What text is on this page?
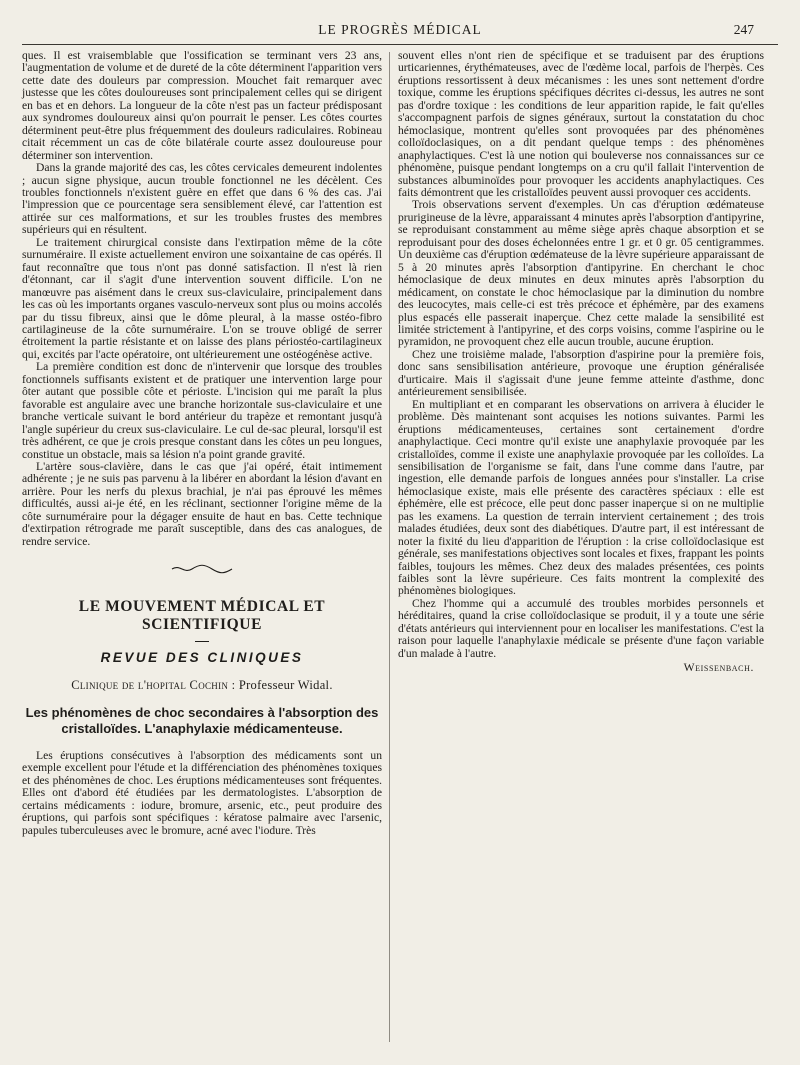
LE PROGRÈS MÉDICAL	247

ques. Il est vraisemblable que l'ossification se terminant vers 23 ans, l'augmentation de volume et de dureté de la côte déterminent l'apparition vers cette date des douleurs par compression. Mouchet fait remarquer avec justesse que les côtes douloureuses sont principalement celles qui se dirigent en bas et en dehors. La longueur de la côte n'est pas un facteur prédisposant aux syndromes douloureux ainsi qu'on pourrait le penser. Les côtes courtes déterminent peut-être plus fréquemment des douleurs radiculaires. Robineau citait récemment un cas de côte bilatérale courte assez douloureuse pour déterminer son intervention.

Dans la grande majorité des cas, les côtes cervicales demeurent indolentes ; aucun signe physique, aucun trouble fonctionnel ne les décèlent. Ces troubles fonctionnels n'existent guère en effet que dans 6 % des cas. J'ai l'impression que ce pourcentage sera sensiblement élevé, car l'attention est attirée sur ces malformations, et sur les troubles frustes des membres supérieurs qui en résultent.

Le traitement chirurgical consiste dans l'extirpation même de la côte surnuméraire. Il existe actuellement environ une soixantaine de cas opérés. Il faut reconnaître que tous n'ont pas donné satisfaction. Il n'est là rien d'étonnant, car il s'agit d'une intervention souvent difficile. L'on ne manœuvre pas aisément dans le creux sus-claviculaire, principalement dans les cas où les importants organes vasculo-nerveux sont plus ou moins accolés par du tissu fibreux, ainsi que le dôme pleural, à la masse ostéo-fibro cartilagineuse de la côte surnuméraire. L'on se trouve obligé de serrer étroitement la partie résistante et on laisse des plans périostéo-cartilagineux qui, excités par l'acte opératoire, ont ultérieurement une ostéogénèse active.

La première condition est donc de n'intervenir que lorsque des troubles fonctionnels suffisants existent et de pratiquer une intervention large pour ôter autant que possible côte et périoste. L'incision qui me paraît la plus favorable est angulaire avec une branche horizontale sus-claviculaire et une branche verticale suivant le bord antérieur du trapèze et remontant jusqu'à l'angle supérieur du creux sus-claviculaire. Le cul de-sac pleural, lorsqu'il est très adhérent, ce que je crois presque constant dans les côtes un peu longues, constitue un obstacle, mais sa lésion n'a point grande gravité.

L'artère sous-clavière, dans le cas que j'ai opéré, était intimement adhérente ; je ne suis pas parvenu à la libérer en abordant la lésion d'avant en arrière. Pour les nerfs du plexus brachial, je n'ai pas éprouvé les mêmes difficultés, aussi ai-je été, en les réclinant, sectionner l'origine même de la côte surnuméraire pour la dégager ensuite de haut en bas. Cette technique d'extirpation rétrograde me paraît susceptible, dans des cas analogues, de rendre service.

LE MOUVEMENT MÉDICAL ET SCIENTIFIQUE
REVUE DES CLINIQUES
Clinique de l'hopital Cochin : Professeur Widal.
Les phénomènes de choc secondaires à l'absorption des cristalloïdes. L'anaphylaxie médicamenteuse.

Les éruptions consécutives à l'absorption des médicaments sont un exemple excellent pour l'étude et la différenciation des phénomènes toxiques et des phénomènes de choc. Les éruptions médicamenteuses sont fréquentes. Elles ont d'abord été étudiées par les dermatologistes. L'absorption de certains médicaments : iodure, bromure, arsenic, etc., peut produire des éruptions, qui parfois sont spécifiques : kératose palmaire avec l'arsenic, papules tuberculeuses avec le bromure, acné avec l'iodure. Très

souvent elles n'ont rien de spécifique et se traduisent par des éruptions urticariennes, érythémateuses, avec de l'œdème local, parfois de l'herpès. Ces éruptions ressortissent à deux mécanismes : les unes sont nettement d'ordre toxique, comme les éruptions spécifiques décrites ci-dessus, les autres ne sont pas d'ordre toxique : les conditions de leur apparition rapide, le fait qu'elles s'accompagnent parfois de signes généraux, surtout la constatation du choc hémoclasique, montrent qu'elles sont provoquées par des phénomènes colloïdoclasiques, on a dit pendant quelque temps : des phénomènes anaphylactiques. C'est là une notion qui bouleverse nos connaissances sur ce phénomène, puisque pendant longtemps on a cru qu'il fallait l'intervention de substances albuminoïdes pour provoquer les accidents anaphylactiques. Ces faits démontrent que les cristalloïdes peuvent aussi provoquer ces accidents.

Trois observations servent d'exemples. Un cas d'éruption œdémateuse prurigineuse de la lèvre, apparaissant 4 minutes après l'absorption d'antipyrine, se reproduisant constamment au même siège après chaque absorption et se reproduisant pour des doses échelonnées entre 1 gr. et 0 gr. 05 centigrammes. Un deuxième cas d'éruption œdémateuse de la lèvre supérieure apparaissant de 5 à 20 minutes après l'absorption d'antipyrine. En cherchant le choc hémoclasique de deux minutes en deux minutes après l'absorption du médicament, on constate le choc hémoclasique par la diminution du nombre des leucocytes, mais celle-ci est très précoce et éphémère, par des examens plus espacés elle passerait inaperçue. Chez cette malade la sensibilité est limitée strictement à l'antipyrine, et des corps voisins, comme l'aspirine ou le pyramidon, ne provoquent chez elle aucun trouble, aucune éruption.

Chez une troisième malade, l'absorption d'aspirine pour la première fois, donc sans sensibilisation antérieure, provoque une éruption généralisée d'urticaire. Mais il s'agissait d'une jeune femme atteinte d'asthme, donc antérieurement sensibilisée.

En multipliant et en comparant les observations on arrivera à élucider le problème. Dès maintenant sont acquises les notions suivantes. Parmi les éruptions médicamenteuses, certaines sont certainement d'ordre anaphylactique. Ceci montre qu'il existe une anaphylaxie provoquée par les cristalloïdes, comme il existe une anaphylaxie provoquée par les colloïdes. La sensibilisation de l'organisme se fait, dans l'une comme dans l'autre, par ingestion, elle demande parfois de longues années pour s'installer. La crise hémoclasique existe, mais elle présente des caractères spéciaux : elle est éphémère, elle est précoce, elle peut donc passer inaperçue si on ne multiplie pas les examens. La question de terrain intervient certainement ; des trois malades étudiées, deux sont des diabétiques. D'autre part, il est intéressant de noter la fixité du lieu d'apparition de l'éruption : la crise colloïdoclasique est générale, ses manifestations objectives sont locales et fixes, frappant les points faibles, toujours les mêmes. Chez deux des malades présentées, ces points faibles sont la lèvre supérieure. Ces faits montrent la complexité des phénomènes biologiques.

Chez l'homme qui a accumulé des troubles morbides personnels et héréditaires, quand la crise colloïdoclasique se produit, il y a toute une série d'états antérieurs qui interviennent pour en localiser les manifestations. C'est la raison pour laquelle l'anaphylaxie médicale se présente d'une façon variable d'un malade à l'autre.

Weissenbach.
